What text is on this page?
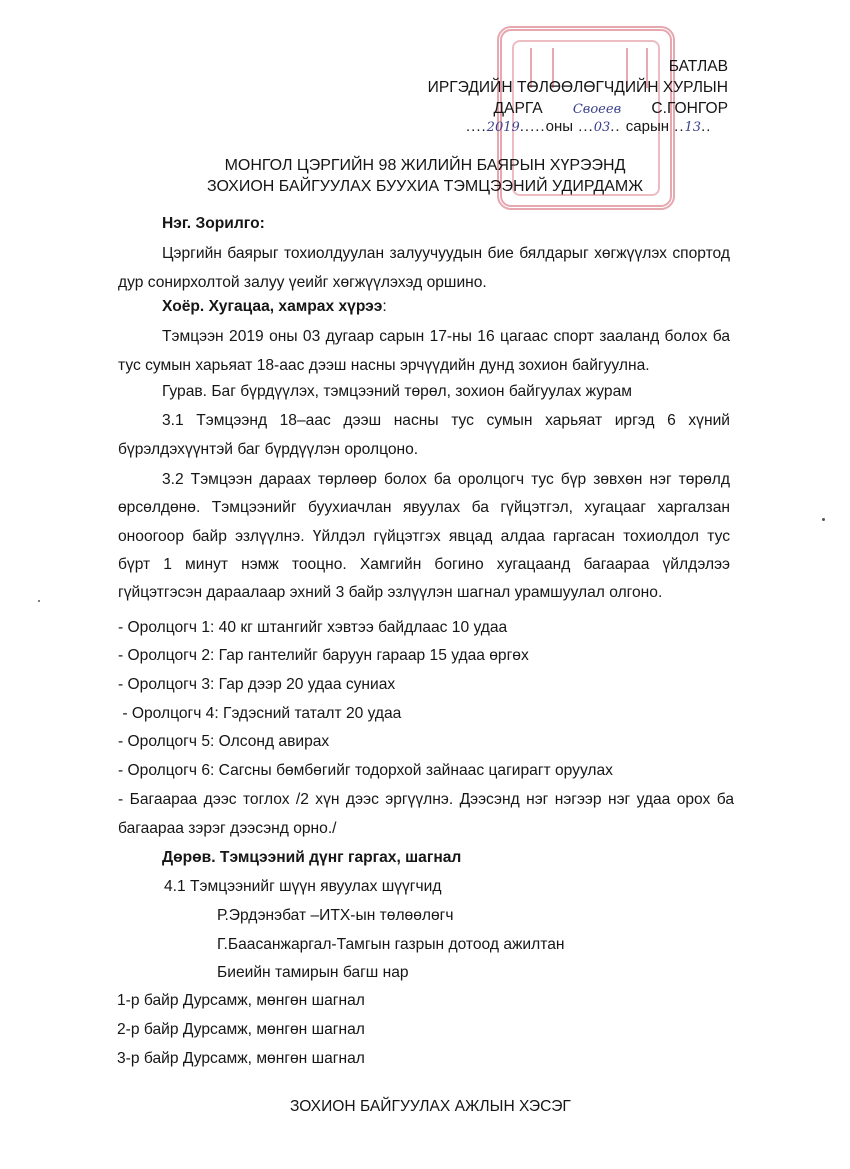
БАТЛАВ
ИРГЭДИЙН ТӨЛӨӨЛӨГЧДИЙН ХУРЛЫН
ДАРГА Своеев С.ГОНГОР
....2019.....оны ...03.. сарын ..13..
МОНГОЛ ЦЭРГИЙН 98 ЖИЛИЙН БАЯРЫН ХҮРЭЭНД
ЗОХИОН БАЙГУУЛАХ БУУХИА ТЭМЦЭЭНИЙ УДИРДАМЖ
Нэг. Зорилго:
Цэргийн баярыг тохиолдуулан залуучуудын бие бялдарыг хөгжүүлэх спортод дур сонирхолтой залуу үеийг хөгжүүлэхэд оршино.
Хоёр. Хугацаа, хамрах хүрээ:
Тэмцээн 2019 оны 03 дугаар сарын 17-ны 16 цагаас спорт зааланд болох ба тус сумын харьяат 18-аас дээш насны эрчүүдийн дунд зохион байгуулна.
Гурав. Баг бүрдүүлэх, тэмцээний төрөл, зохион байгуулах журам
3.1 Тэмцээнд 18–аас дээш насны тус сумын харьяат иргэд 6 хүний бүрэлдэхүүнтэй баг бүрдүүлэн оролцоно.
3.2 Тэмцээн дараах төрлөөр болох ба оролцогч тус бүр зөвхөн нэг төрөлд өрсөлдөнө. Тэмцээнийг буухиачлан явуулах ба гүйцэтгэл, хугацааг харгалзан оноогоор байр эзлүүлнэ. Үйлдэл гүйцэтгэх явцад алдаа гаргасан тохиолдол тус бүрт 1 минут нэмж тооцно. Хамгийн богино хугацаанд багаараа үйлдэлээ гүйцэтгэсэн дараалаар эхний 3 байр эзлүүлэн шагнал урамшуулал олгоно.
- Оролцогч 1: 40 кг штангийг хэвтээ байдлаас 10 удаа
- Оролцогч 2: Гар гантелийг баруун гараар 15 удаа өргөх
- Оролцогч 3: Гар дээр 20 удаа суниах
- Оролцогч 4: Гэдэсний таталт 20 удаа
- Оролцогч 5: Олсонд авирах
- Оролцогч 6: Сагсны бөмбөгийг тодорхой зайнаас цагирагт оруулах
- Багаараа дээс тоглох /2 хүн дээс эргүүлнэ. Дээсэнд нэг нэгээр нэг удаа орох ба багаараа зэрэг дээсэнд орно./
Дөрөв. Тэмцээний дүнг гаргах, шагнал
4.1 Тэмцээнийг шүүн явуулах шүүгчид
Р.Эрдэнэбат –ИТХ-ын төлөөлөгч
Г.Баасанжаргал-Тамгын газрын дотоод ажилтан
Биеийн тамирын багш нар
1-р байр Дурсамж, мөнгөн шагнал
2-р байр Дурсамж, мөнгөн шагнал
3-р байр Дурсамж, мөнгөн шагнал
ЗОХИОН БАЙГУУЛАХ АЖЛЫН ХЭСЭГ
